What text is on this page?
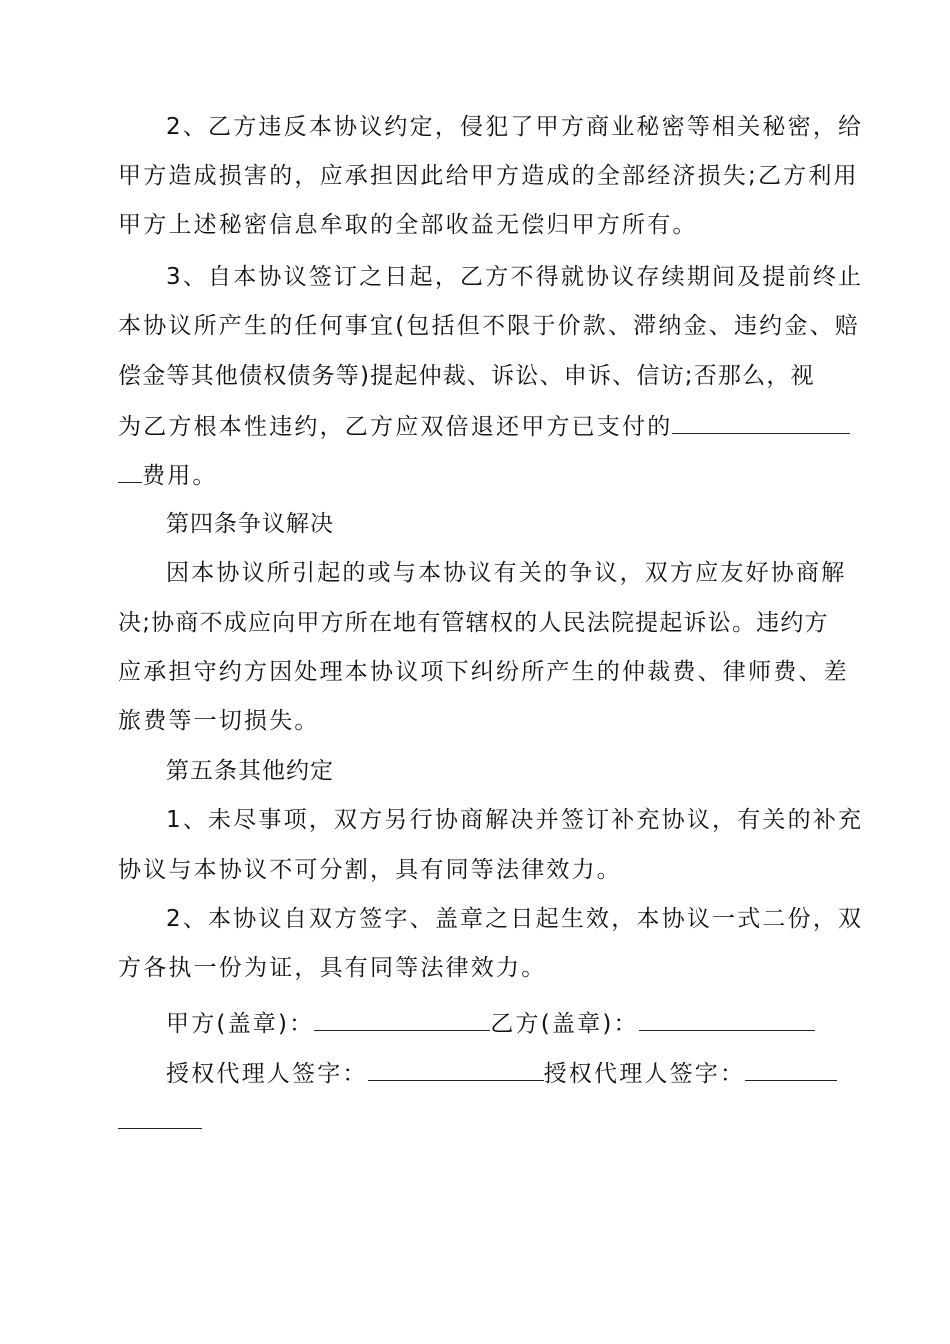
2、乙方违反本协议约定，侵犯了甲方商业秘密等相关秘密，给
甲方造成损害的，应承担因此给甲方造成的全部经济损失;乙方利用
甲方上述秘密信息牟取的全部收益无偿归甲方所有。
3、自本协议签订之日起，乙方不得就协议存续期间及提前终止
本协议所产生的任何事宜(包括但不限于价款、滞纳金、违约金、赔
偿金等其他债权债务等)提起仲裁、诉讼、申诉、信访;否那么，视
为乙方根本性违约，乙方应双倍退还甲方已支付的
费用。
第四条争议解决
因本协议所引起的或与本协议有关的争议，双方应友好协商解
决;协商不成应向甲方所在地有管辖权的人民法院提起诉讼。违约方
应承担守约方因处理本协议项下纠纷所产生的仲裁费、律师费、差
旅费等一切损失。
第五条其他约定
1、未尽事项，双方另行协商解决并签订补充协议，有关的补充
协议与本协议不可分割，具有同等法律效力。
2、本协议自双方签字、盖章之日起生效，本协议一式二份，双
方各执一份为证，具有同等法律效力。
甲方(盖章)：	乙方(盖章)：
授权代理人签字：	授权代理人签字：
